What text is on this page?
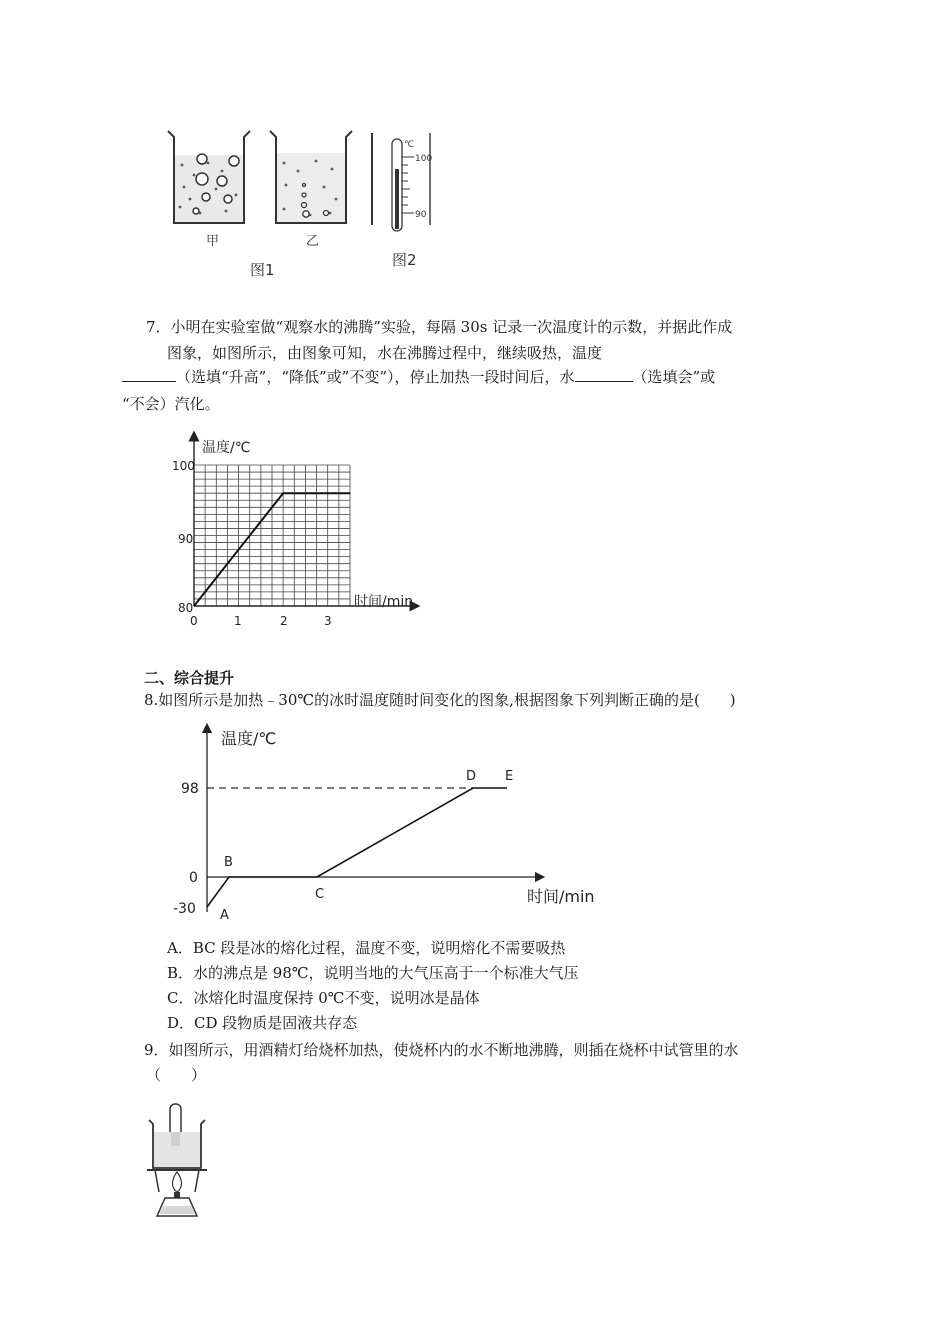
甲
图1
乙
℃
100
90
图2
7．小明在实验室做“观察水的沸腾”实验，每隔 30s 记录一次温度计的示数，并据此作成
图象，如图所示，由图象可知，水在沸腾过程中，继续吸热，温度
（选填“升高”，“降低”或”不变”），停止加热一段时间后，水	（选填会”或
“不会）汽化。
温度/℃
时间/min
100
90
80
0	1	2	3
二、综合提升
8.如图所示是加热﹣30℃的冰时温度随时间变化的图象,根据图象下列判断正确的是(　　)
温度/℃
时间/min
98
0
-30 A
B
C
D E
A．BC 段是冰的熔化过程，温度不变，说明熔化不需要吸热
B．水的沸点是 98℃，说明当地的大气压高于一个标准大气压
C．冰熔化时温度保持 0℃不变，说明冰是晶体
D．CD 段物质是固液共存态
9．如图所示，用酒精灯给烧杯加热，使烧杯内的水不断地沸腾，则插在烧杯中试管里的水
（　　）
